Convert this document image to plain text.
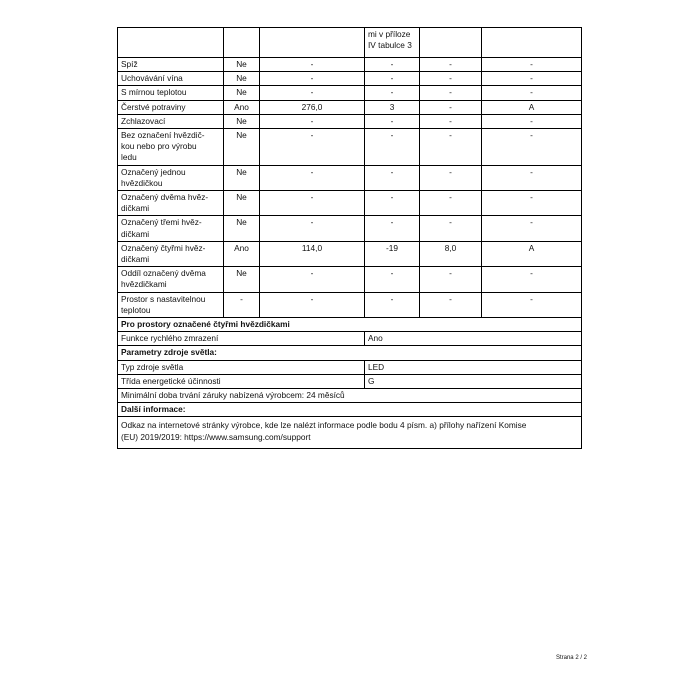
			mi v příloze
IV tabulce 3		
Spíž	Ne	-	-	-	-
Uchovávání vína	Ne	-	-	-	-
S mírnou teplotou	Ne	-	-	-	-
Čerstvé potraviny	Ano	276,0	3	-	A
Zchlazovací	Ne	-	-	-	-
Bez označení hvězdič-
kou nebo pro výrobu
ledu	Ne	-	-	-	-
Označený jednou
hvězdičkou	Ne	-	-	-	-
Označený dvěma hvěz-
dičkami	Ne	-	-	-	-
Označený třemi hvěz-
dičkami	Ne	-	-	-	-
Označený čtyřmi hvěz-
dičkami	Ano	114,0	-19	8,0	A
Oddíl označený dvěma
hvězdičkami	Ne	-	-	-	-
Prostor s nastavitelnou
teplotou	-	-	-	-	-
Pro prostory označené čtyřmi hvězdičkami					
Funkce rychlého zmrazení			Ano		
Parametry zdroje světla:					
Typ zdroje světla			LED		
Třída energetické účinnosti			G		
Minimální doba trvání záruky nabízená výrobcem: 24 měsíců					
Další informace:					
Odkaz na internetové stránky výrobce, kde lze nalézt informace podle bodu 4 písm. a) přílohy nařízení Komise
(EU) 2019/2019: https://www.samsung.com/support					
Strana 2 / 2
